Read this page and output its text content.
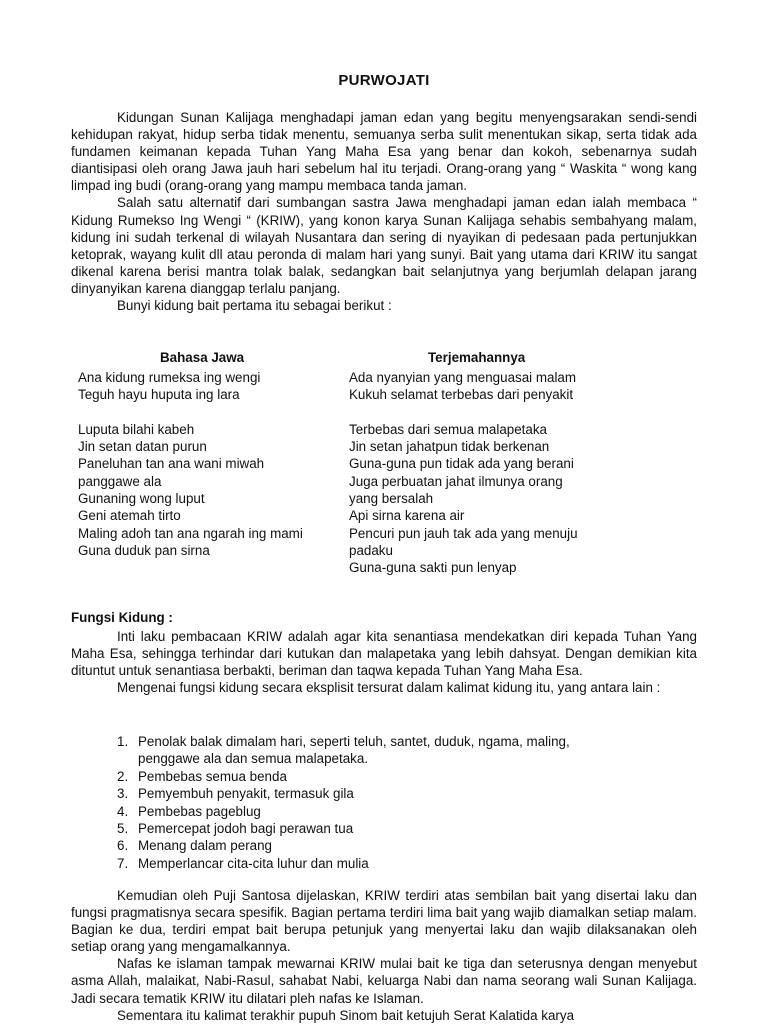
PURWOJATI

Kidungan Sunan Kalijaga menghadapi jaman edan yang begitu menyengsarakan sendi-sendi kehidupan rakyat, hidup serba tidak menentu, semuanya serba sulit menentukan sikap, serta tidak ada fundamen keimanan kepada Tuhan Yang Maha Esa yang benar dan kokoh, sebenarnya sudah diantisipasi oleh orang Jawa jauh hari sebelum hal itu terjadi. Orang-orang yang “ Waskita “ wong kang limpad ing budi (orang-orang yang mampu membaca tanda jaman.

Salah satu alternatif dari sumbangan sastra Jawa menghadapi jaman edan ialah membaca “ Kidung Rumekso Ing Wengi “ (KRIW), yang konon karya Sunan Kalijaga sehabis sembahyang malam, kidung ini sudah terkenal di wilayah Nusantara dan sering di nyayikan di pedesaan pada pertunjukkan ketoprak, wayang kulit dll atau peronda di malam hari yang sunyi. Bait yang utama dari KRIW itu sangat dikenal karena berisi mantra tolak balak, sedangkan bait selanjutnya yang berjumlah delapan jarang dinyanyikan karena dianggap terlalu panjang.

Bunyi kidung bait pertama itu sebagai berikut :

Bahasa Jawa	Terjemahannya
Ana kidung rumeksa ing wengi
Teguh hayu huputa ing lara
Luputa bilahi kabeh
Jin setan datan purun
Paneluhan tan ana wani miwah
panggawe ala
Gunaning wong luput
Geni atemah tirto
Maling adoh tan ana ngarah ing mami
Guna duduk pan sirna
Ada nyanyian yang menguasai malam
Kukuh selamat terbebas dari penyakit
Terbebas dari semua malapetaka
Jin setan jahatpun tidak berkenan
Guna-guna pun tidak ada yang berani
Juga perbuatan jahat ilmunya orang
yang bersalah
Api sirna karena air
Pencuri pun jauh tak ada yang menuju
padaku
Guna-guna sakti pun lenyap
Fungsi Kidung :

Inti laku pembacaan KRIW adalah agar kita senantiasa mendekatkan diri kepada Tuhan Yang Maha Esa, sehingga terhindar dari kutukan dan malapetaka yang lebih dahsyat. Dengan demikian kita dituntut untuk senantiasa berbakti, beriman dan taqwa kepada Tuhan Yang Maha Esa.

Mengenai fungsi kidung secara eksplisit tersurat dalam kalimat kidung itu, yang antara lain :

1. Penolak balak dimalam hari, seperti teluh, santet, duduk, ngama, maling,
penggawe ala dan semua malapetaka.
2. Pembebas semua benda
3. Pemyembuh penyakit, termasuk gila
4. Pembebas pageblug
5. Pemercepat jodoh bagi perawan tua
6. Menang dalam perang
7. Memperlancar cita-cita luhur dan mulia

Kemudian oleh Puji Santosa dijelaskan, KRIW terdiri atas sembilan bait yang disertai laku dan fungsi pragmatisnya secara spesifik. Bagian pertama terdiri lima bait yang wajib diamalkan setiap malam. Bagian ke dua, terdiri empat bait berupa petunjuk yang menyertai laku dan wajib dilaksanakan oleh setiap orang yang mengamalkannya.

Nafas ke islaman tampak mewarnai KRIW mulai bait ke tiga dan seterusnya dengan menyebut asma Allah, malaikat, Nabi-Rasul, sahabat Nabi, keluarga Nabi dan nama seorang wali Sunan Kalijaga. Jadi secara tematik KRIW itu dilatari pleh nafas ke Islaman.

Sementara itu kalimat terakhir pupuh Sinom bait ketujuh Serat Kalatida karya
